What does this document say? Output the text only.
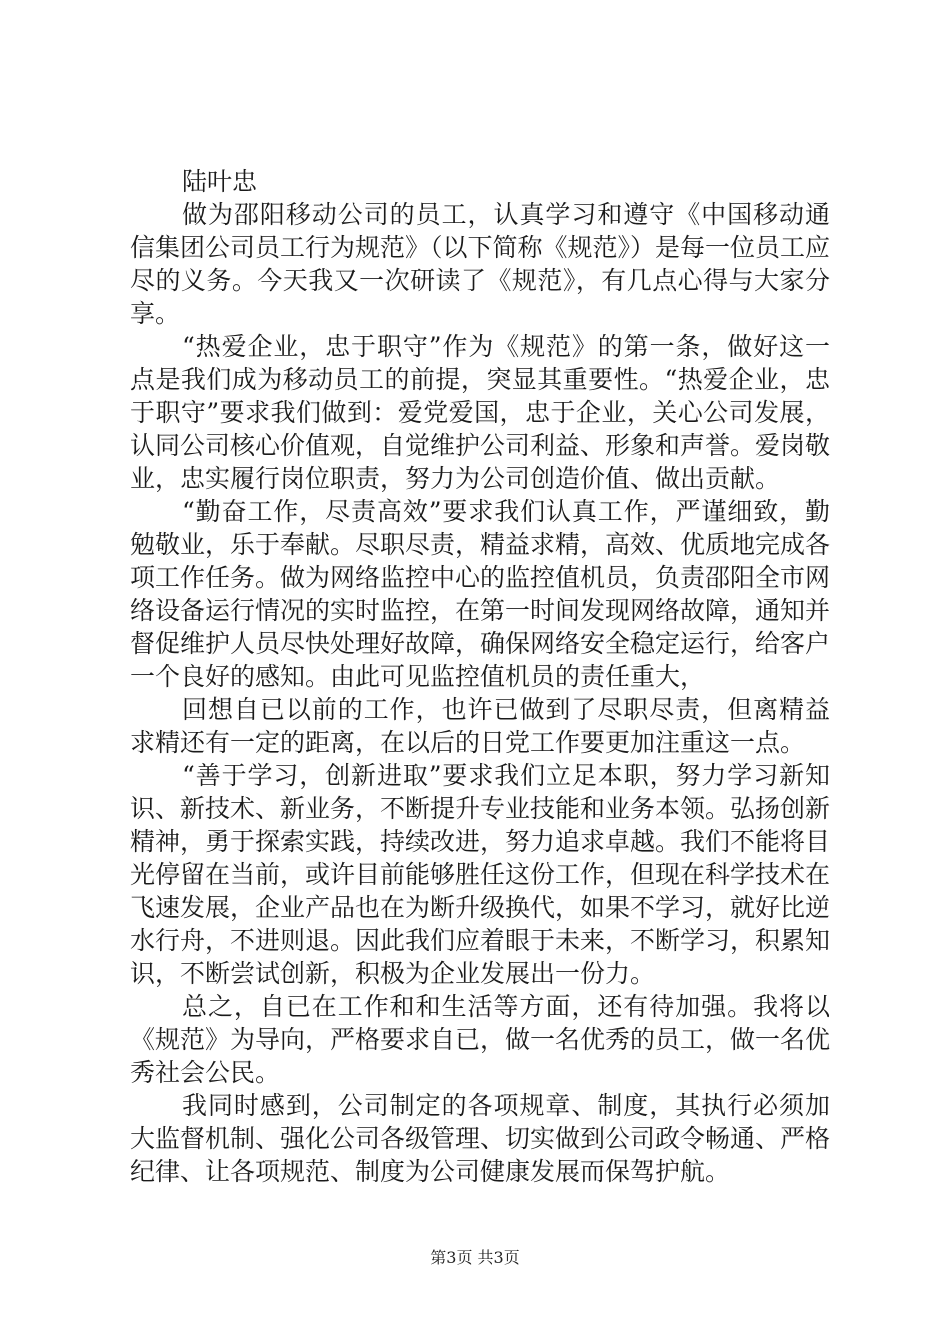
陆叶忠

做为邵阳移动公司的员工，认真学习和遵守《中国移动通信集团公司员工行为规范》（以下简称《规范》）是每一位员工应尽的义务。今天我又一次研读了《规范》，有几点心得与大家分享。

“热爱企业，忠于职守”作为《规范》的第一条，做好这一点是我们成为移动员工的前提，突显其重要性。“热爱企业，忠于职守”要求我们做到：爱党爱国，忠于企业，关心公司发展，认同公司核心价值观，自觉维护公司利益、形象和声誉。爱岗敬业，忠实履行岗位职责，努力为公司创造价值、做出贡献。

“勤奋工作，尽责高效”要求我们认真工作，严谨细致，勤勉敬业，乐于奉献。尽职尽责，精益求精，高效、优质地完成各项工作任务。做为网络监控中心的监控值机员，负责邵阳全市网络设备运行情况的实时监控，在第一时间发现网络故障，通知并督促维护人员尽快处理好故障，确保网络安全稳定运行，给客户一个良好的感知。由此可见监控值机员的责任重大，

回想自已以前的工作，也许已做到了尽职尽责，但离精益求精还有一定的距离，在以后的日党工作要更加注重这一点。

“善于学习，创新进取”要求我们立足本职，努力学习新知识、新技术、新业务，不断提升专业技能和业务本领。弘扬创新精神，勇于探索实践，持续改进，努力追求卓越。我们不能将目光停留在当前，或许目前能够胜任这份工作，但现在科学技术在飞速发展，企业产品也在为断升级换代，如果不学习，就好比逆水行舟，不进则退。因此我们应着眼于未来，不断学习，积累知识，不断尝试创新，积极为企业发展出一份力。

总之，自已在工作和和生活等方面，还有待加强。我将以《规范》为导向，严格要求自已，做一名优秀的员工，做一名优秀社会公民。

我同时感到，公司制定的各项规章、制度，其执行必须加大监督机制、强化公司各级管理、切实做到公司政令畅通、严格纪律、让各项规范、制度为公司健康发展而保驾护航。

第3页 共3页
